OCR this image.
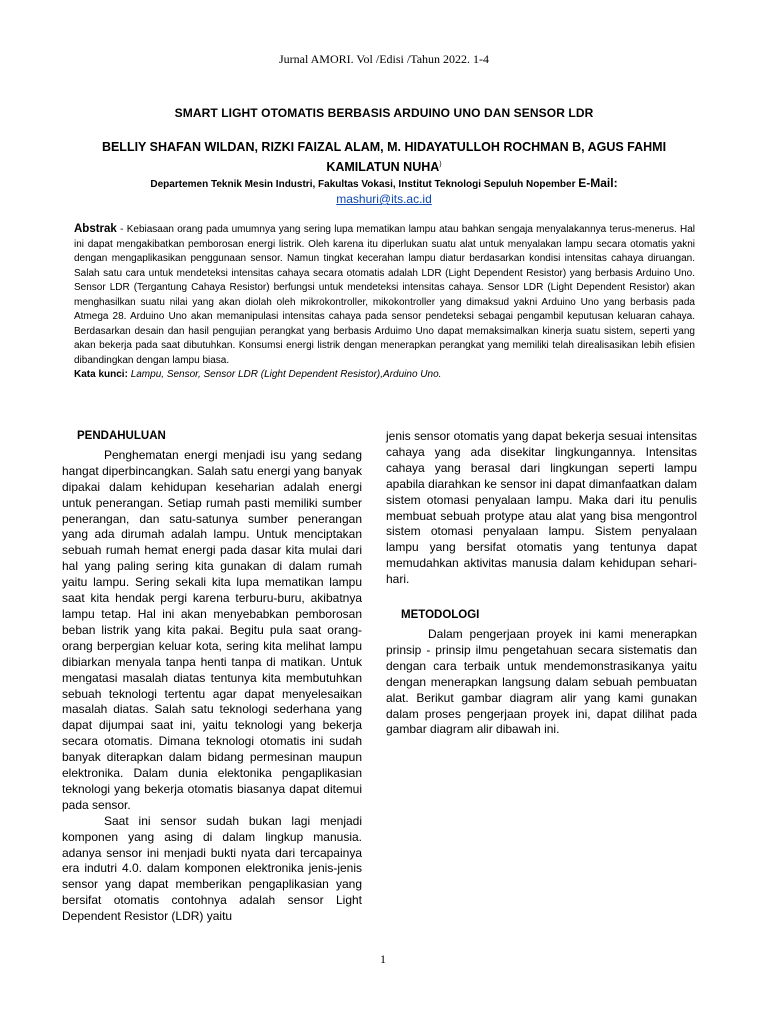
Jurnal AMORI. Vol /Edisi /Tahun 2022. 1-4
SMART LIGHT OTOMATIS BERBASIS ARDUINO UNO DAN SENSOR LDR
BELLIY SHAFAN WILDAN, RIZKI FAIZAL ALAM, M. HIDAYATULLOH ROCHMAN B, AGUS FAHMI KAMILATUN NUHA)
Departemen Teknik Mesin Industri, Fakultas Vokasi, Institut Teknologi Sepuluh Nopember E-Mail:
mashuri@its.ac.id
Abstrak - Kebiasaan orang pada umumnya yang sering lupa mematikan lampu atau bahkan sengaja menyalakannya terus-menerus. Hal ini dapat mengakibatkan pemborosan energi listrik. Oleh karena itu diperlukan suatu alat untuk menyalakan lampu secara otomatis yakni dengan mengaplikasikan penggunaan sensor. Namun tingkat kecerahan lampu diatur berdasarkan kondisi intensitas cahaya diruangan. Salah satu cara untuk mendeteksi intensitas cahaya secara otomatis adalah LDR (Light Dependent Resistor) yang berbasis Arduino Uno. Sensor LDR (Tergantung Cahaya Resistor) berfungsi untuk mendeteksi intensitas cahaya. Sensor LDR (Light Dependent Resistor) akan menghasilkan suatu nilai yang akan diolah oleh mikrokontroller, mikokontroller yang dimaksud yakni Arduino Uno yang berbasis pada Atmega 28. Arduino Uno akan memanipulasi intensitas cahaya pada sensor pendeteksi sebagai pengambil keputusan keluaran cahaya. Berdasarkan desain dan hasil pengujian perangkat yang berbasis Arduimo Uno dapat memaksimalkan kinerja suatu sistem, seperti yang akan bekerja pada saat dibutuhkan. Konsumsi energi listrik dengan menerapkan perangkat yang memiliki telah direalisasikan lebih efisien dibandingkan dengan lampu biasa.
Kata kunci: Lampu, Sensor, Sensor LDR (Light Dependent Resistor),Arduino Uno.
PENDAHULUAN

Penghematan energi menjadi isu yang sedang hangat diperbincangkan. Salah satu energi yang banyak dipakai dalam kehidupan keseharian adalah energi untuk penerangan. Setiap rumah pasti memiliki sumber penerangan, dan satu-satunya sumber penerangan yang ada dirumah adalah lampu. Untuk menciptakan sebuah rumah hemat energi pada dasar kita mulai dari hal yang paling sering kita gunakan di dalam rumah yaitu lampu. Sering sekali kita lupa mematikan lampu saat kita hendak pergi karena terburu-buru, akibatnya lampu tetap. Hal ini akan menyebabkan pemborosan beban listrik yang kita pakai. Begitu pula saat orang-orang berpergian keluar kota, sering kita melihat lampu dibiarkan menyala tanpa henti tanpa di matikan. Untuk mengatasi masalah diatas tentunya kita membutuhkan sebuah teknologi tertentu agar dapat menyelesaikan masalah diatas. Salah satu teknologi sederhana yang dapat dijumpai saat ini, yaitu teknologi yang bekerja secara otomatis. Dimana teknologi otomatis ini sudah banyak diterapkan dalam bidang permesinan maupun elektronika. Dalam dunia elektonika pengaplikasian teknologi yang bekerja otomatis biasanya dapat ditemui pada sensor.

Saat ini sensor sudah bukan lagi menjadi komponen yang asing di dalam lingkup manusia. adanya sensor ini menjadi bukti nyata dari tercapainya era indutri 4.0. dalam komponen elektronika jenis-jenis sensor yang dapat memberikan pengaplikasian yang bersifat otomatis contohnya adalah sensor Light Dependent Resistor (LDR) yaitu

jenis sensor otomatis yang dapat bekerja sesuai intensitas cahaya yang ada disekitar lingkungannya. Intensitas cahaya yang berasal dari lingkungan seperti lampu apabila diarahkan ke sensor ini dapat dimanfaatkan dalam sistem otomasi penyalaan lampu. Maka dari itu penulis membuat sebuah protype atau alat yang bisa mengontrol sistem otomasi penyalaan lampu. Sistem penyalaan lampu yang bersifat otomatis yang tentunya dapat memudahkan aktivitas manusia dalam kehidupan sehari-hari.

METODOLOGI

Dalam pengerjaan proyek ini kami menerapkan prinsip - prinsip ilmu pengetahuan secara sistematis dan dengan cara terbaik untuk mendemonstrasikanya yaitu dengan menerapkan langsung dalam sebuah pembuatan alat. Berikut gambar diagram alir yang kami gunakan dalam proses pengerjaan proyek ini, dapat dilihat pada gambar diagram alir dibawah ini.

1
